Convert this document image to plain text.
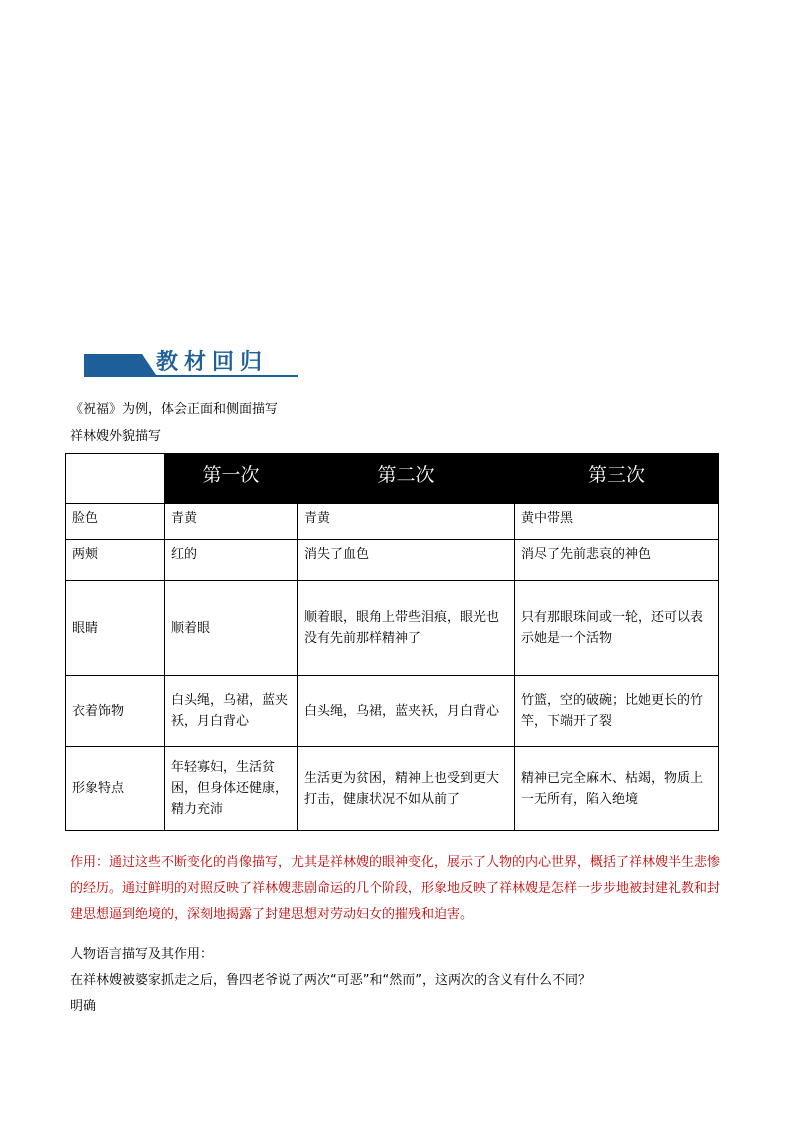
教材回归
《祝福》为例，体会正面和侧面描写
祥林嫂外貌描写
	第一次	第二次	第三次
脸色	青黄	青黄	黄中带黑
两颊	红的	消失了血色	消尽了先前悲哀的神色
眼睛	顺着眼	顺着眼，眼角上带些泪痕，眼光也没有先前那样精神了	只有那眼珠间或一轮，还可以表示她是一个活物
衣着饰物	白头绳，乌裙，蓝夹袄，月白背心	白头绳，乌裙，蓝夹袄，月白背心	竹篮，空的破碗；比她更长的竹竿，下端开了裂
形象特点	年轻寡妇，生活贫困，但身体还健康，精力充沛	生活更为贫困，精神上也受到更大打击，健康状况不如从前了	精神已完全麻木、枯竭，物质上一无所有，陷入绝境
作用：通过这些不断变化的肖像描写，尤其是祥林嫂的眼神变化，展示了人物的内心世界，概括了祥林嫂半生悲惨的经历。通过鲜明的对照反映了祥林嫂悲剧命运的几个阶段，形象地反映了祥林嫂是怎样一步步地被封建礼教和封建思想逼到绝境的，深刻地揭露了封建思想对劳动妇女的摧残和迫害。
人物语言描写及其作用：
在祥林嫂被婆家抓走之后，鲁四老爷说了两次“可恶”和“然而”，这两次的含义有什么不同？
明确
